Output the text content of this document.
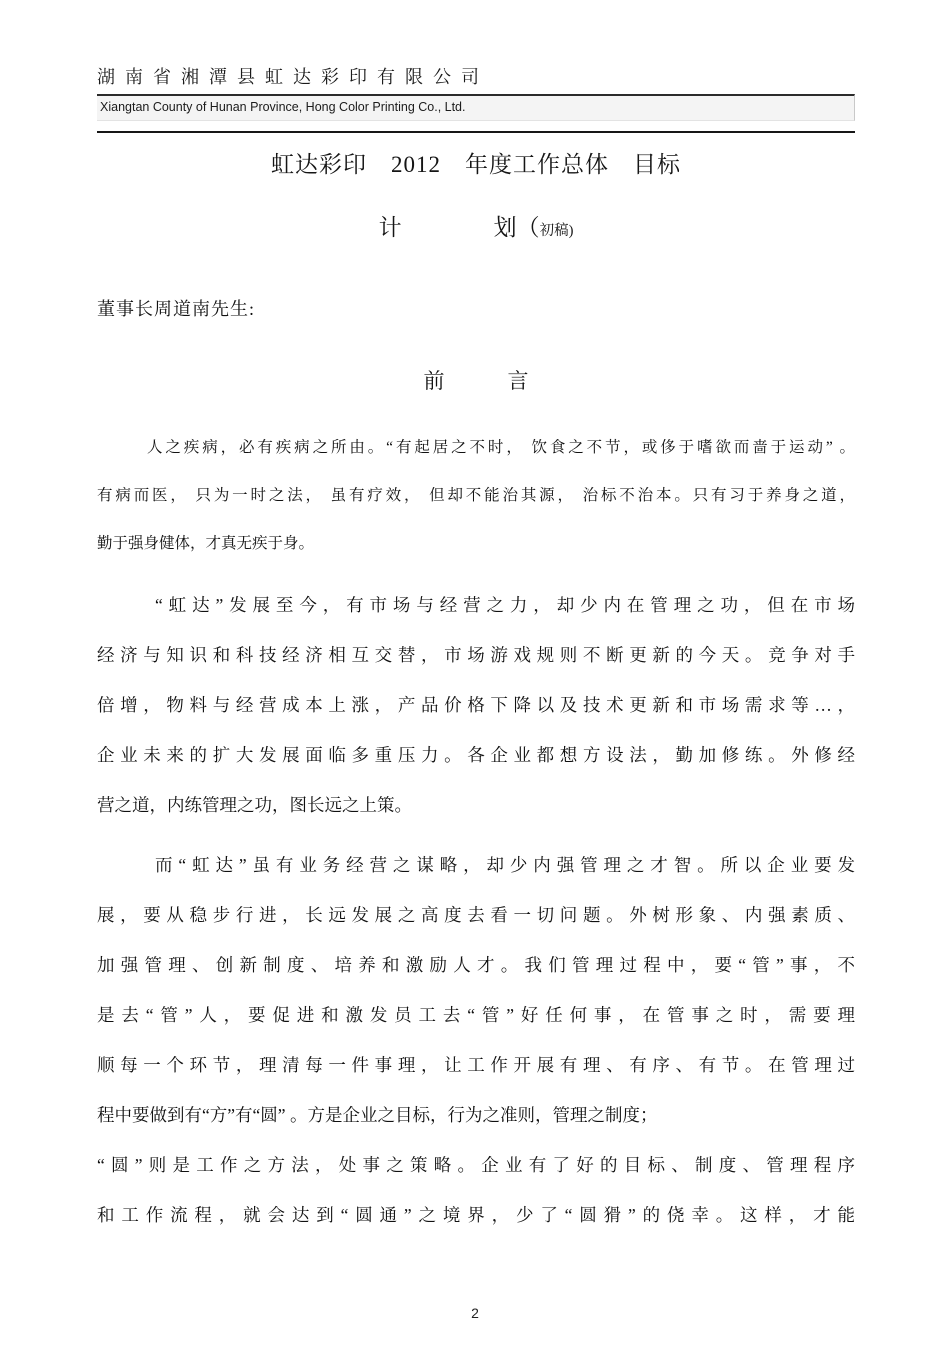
湖南省湘潭县虹达彩印有限公司
Xiangtan County of Hunan Province, Hong Color Printing Co., Ltd.
虹达彩印　2012　年度工作总体　目标
计　　　　划（初稿)
董事长周道南先生:
前　　　言
人之疾病，必有疾病之所由。“有起居之不时， 饮食之不节，或侈于嗜欲而啬于运动” 。
有病而医， 只为一时之法， 虽有疗效， 但却不能治其源， 治标不治本。只有习于养身之道，
勤于强身健体，才真无疾于身。
“虹达”发展至今，有市场与经营之力，却少内在管理之功，但在市场
经济与知识和科技经济相互交替，市场游戏规则不断更新的今天。竞争对手
倍增，物料与经营成本上涨，产品价格下降以及技术更新和市场需求等…，
企业未来的扩大发展面临多重压力。各企业都想方设法，勤加修练。外修经
营之道，内练管理之功，图长远之上策。
而“虹达”虽有业务经营之谋略，却少内强管理之才智。所以企业要发
展，要从稳步行进，长远发展之高度去看一切问题。外树形象、内强素质、
加强管理、创新制度、培养和激励人才。我们管理过程中，要“管”事，不
是去“管”人，要促进和激发员工去“管”好任何事，在管事之时，需要理
顺每一个环节，理清每一件事理，让工作开展有理、有序、有节。在管理过
程中要做到有“方”有“圆” 。方是企业之目标，行为之准则，管理之制度；
“圆”则是工作之方法，处事之策略。企业有了好的目标、制度、管理程序
和工作流程，就会达到“圆通”之境界，少了“圆猾”的侥幸。这样，才能
2
